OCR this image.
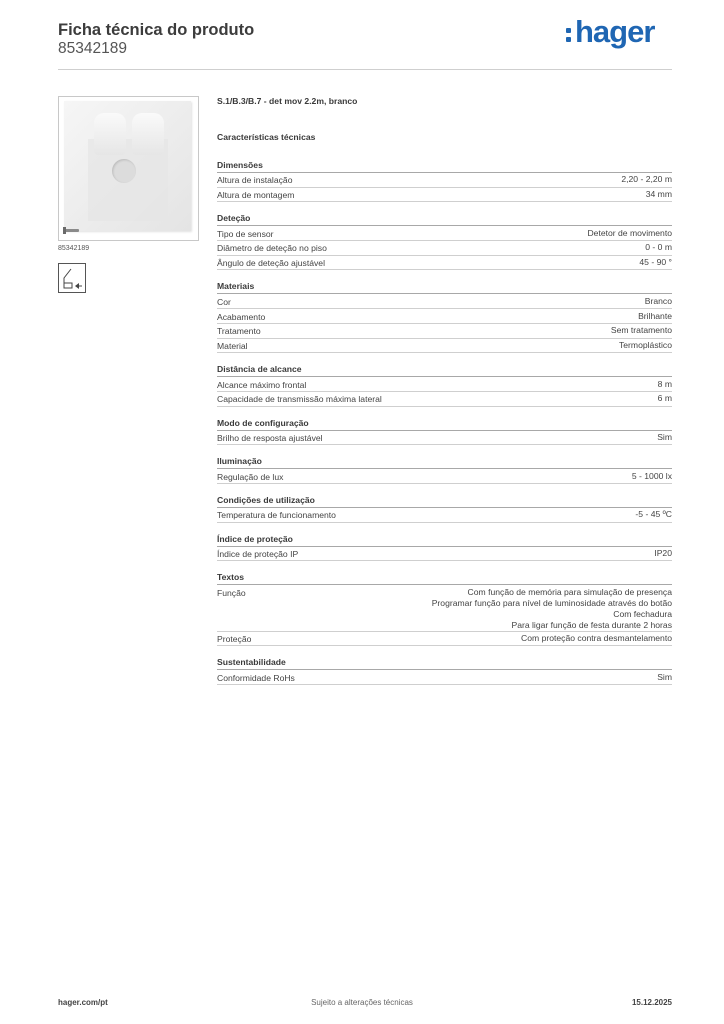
Ficha técnica do produto
85342189	hager
85342189

S.1/B.3/B.7 - det mov 2.2m, branco

Características técnicas

Dimensões
Altura de instalação	2,20 - 2,20 m
Altura de montagem	34 mm
Deteção
Tipo de sensor	Detetor de movimento
Diâmetro de deteção no piso	0 - 0 m
Ângulo de deteção ajustável	45 - 90 °
Materiais
Cor	Branco
Acabamento	Brilhante
Tratamento	Sem tratamento
Material	Termoplástico
Distância de alcance
Alcance máximo frontal	8 m
Capacidade de transmissão máxima lateral	6 m
Modo de configuração
Brilho de resposta ajustável	Sim
Iluminação
Regulação de lux	5 - 1000 lx
Condições de utilização
Temperatura de funcionamento	-5 - 45 ºC
Índice de proteção
Índice de proteção IP	IP20
Textos
Função	Com função de memória para simulação de presença
Programar função para nível de luminosidade através do botão
Com fechadura
Para ligar função de festa durante 2 horas
Proteção	Com proteção contra desmantelamento
Sustentabilidade
Conformidade RoHs	Sim
hager.com/pt	Sujeito a alterações técnicas	15.12.2025
